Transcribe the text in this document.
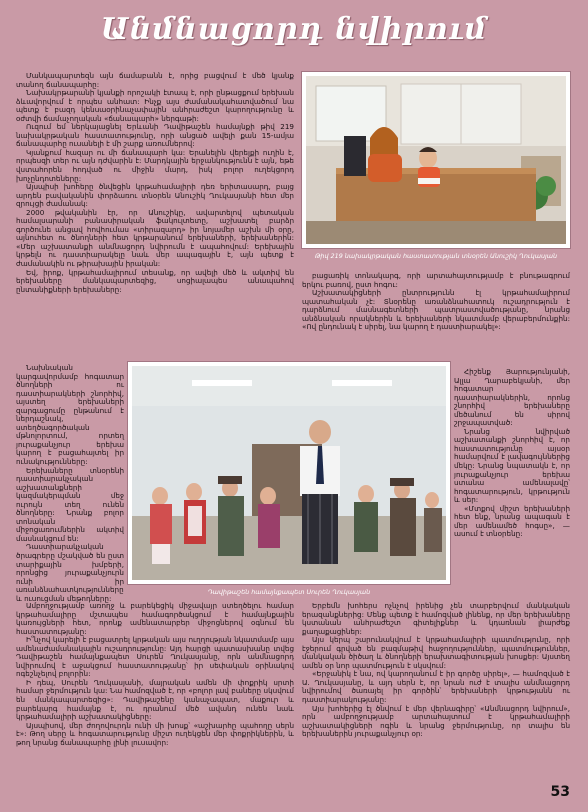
Անմնացորդ նվիրում

Մանկապարտեզն այն ճամաբանն է, որից բացվում է մեծ կյանք տանող ճանապարհը:

Նախակրթարանի կյանքի որոշակի էտապ է, որի ընթացքում երեխան ձևավորվում է որպես անհատ: Ինչք այս ժամանակահատվածում նա պետք է բազդ կենսաօրինաչափային անհրաժեշտ կարողությունը և օժտվի ճամաչողական «ճանապարհ» ներգաթի:

Ուզում եմ ներկայացնել Երևանի Դավիթաշեն համայնքի թիվ 219 նախակրթական հաստատությունը, որի անցած ավելի քան 15-ամյա ճանապարհը ուսանելի է մի շարք առումներով:

Կյանքում հազար ու մի ճանապարհ կա: Երանելին վերելքի ուղին է, որպեսզի տեր ու այն դժվարին է: Մարդկային երջանկությունն է այն, եթե վստահորեն հոդված ու միջին մարդ, իսկ բոլոր ուղեկցորդ խոչընդոտեները:

Այսպիսի խոհերը ծնվեցին կրթահամալիրի դեռ երիտասարդ, բայց արդեն բավականին փորձառու տնօրեն Անուշիկ Ղուկասյանի հետ մեր զրույցի ժամանակ:

2000 թվականին էր, որ Անուշիկը, ավարտելով պետական համալսարանի բանասիրական ֆակուլտետը, աշխատել բարձր գործունե անցավ հովհումաս «տիրազարդ» իր նոյամեր աշխն մի օրը, այնուհետ ու ծնողների հետ կրթարանում երեխաների, երեխաներին: «Մեր աշխատանքի անմնացորդ նվիրումն է ապահովում: Երեխային կրթելն ու դաստիարակելը նաև մեր ապագային է, այն պետք է ժամանակին ու թիրախային իրական:

Եվ, իրոք, կրթահամալիրում տեսանք, որ ավելի մեծ և ակտիվ են երեխաները մանկապարտեզից, սոցիալապես անապահով ընտանիքների երեխաները:

Թիվ 219 նախակրթական հաստատության տնօրեն Անուշիկ Ղուկասյան

բացառիկ տոնակարգ, որի արտահայտությամբ է բնութագրում երկու բառով, ըստ հոգու:

Աշխատակիցների ընտրությունն էլ կրթահամալիրում պատահական չէ: Տնօրենը առանձնահատուկ ուշադրություն է դարձնում մասնագետների պատրաստվածությանը, նրանց անձնական որակներին և երեխաների նկատմամբ վերաբերմունքին: «Ով ընդունակ է սիրել, նա կարող է դաստիարակել»:

Նախնական կարգավորմամբ հոգատար ծնողների ու դաստիարակների շնորհիվ, այստեղ երեխաների զարգացումը ընթանում է ներդաշնակ, ստեղծագործական մթնոլորտում, որտեղ յուրաքանչյուր երեխա կարող է բացահայտել իր ունակությունները:

Երեխաները տնօրենի դաստիարակչական աշխատանքների կազմակերպման մեջ ուրույն տեղ ունեն ծնողները: Նրանք բոլոր տոնական միջոցառումներին ակտիվ մասնակցում են:

Դաստիարակչական ծրագրերը մշակված են ըստ տարիքային խմբերի, որոնցից յուրաքանչյուրն ունի իր առանձնահատկությունները և ուսուցման մեթոդները:

Դավիթաշեն համայնքապետ Սուրեն Ղուկասյան

Հիշենք Յարությունյանի, Ալլա Ղարաբեկյանի, մեր հոգատար դաստիարակներին, որոնց շնորհիվ երեխաները մեծանում են սիրով շրջապատված:

Նրանց նվիրված աշխատանքի շնորհիվ է, որ հաստատությունը այսօր համարվում է լավագույններից մեկը: Նրանց նպատակն է, որ յուրաքանչյուր երեխա ստանա ամենալավը՝ հոգատարություն, կրթություն և սեր:

«Մտքով միշտ երեխաների հետ ենք, նրանց ապագան է մեր ամենամեծ հոգսը», — ասում է տնօրենը:

Ամբողջությամբ առողջ և բարեկեցիկ միջավայր ստեղծելու համար կրթահամալիրը մշտապես համագործակցում է համայնքային կառույցների հետ, որոնք ամենատարբեր միջոցներով օգնում են հաստատությանը:

Ի՞նչով կարելի է բացատրել կրթական այս ուղղության նկատմամբ այս ամենաժամանակային ուշադրությունը: Այդ հարցի պատասխանը տվեց Դավիթաշեն համայնքապետ Սուրեն Ղուկասյանը, որն անմնացորդ նվիրումով է աջակցում հաստատությանը՝ իր սեփական օրինակով ոգեշնչելով բոլորին:

Ի դեպ, Սուրեն Ղուկասյանի, մայրական ամեն մի փոքրիկ սրտի համար ջերմություն կա: Նա համոզված է, որ «բոլոր լավ բաները սկսվում են մանկապարտեզից»: Դավիթաշենը կանաչապատ, մաքուր և բարեկարգ համայնք է, ու դրանում մեծ ավանդ ունեն նաև կրթահամալիրի աշխատակիցները:

Այսպիսով, մեր ժողովուրդն ունի մի խոսք՝ «աշխարհը պահողը սերն է»: Թող սերը և հոգատարությունը միշտ ուղեկցեն մեր փոքրիկներին, և թող նրանց ճանապարհը լինի լուսավոր:

Երբեմն խոհերս ոչնչով իրենից չեն տարբերվում մանկական երազանքներից: Մենք պետք է համոզված լինենք, որ մեր երեխաները կստանան անհրաժեշտ գիտելիքներ և կդառնան լիարժեք քաղաքացիներ:

Այս կերպ շարունակվում է կրթահամալիրի պատմությունը, որի էջերում գրված են բազմաթիվ հաջողություններ, պատմություններ, մանկական ծիծաղ և ծնողների երախտագիտության խոսքեր: Այստեղ ամեն օր նոր պատմություն է սկսվում:

«Երջանիկ է նա, ով կարողանում է իր գործը սիրել», — համոզված է Ա. Ղուկասյանը, և այդ սերն է, որ նրան ուժ է տալիս անմնացորդ նվիրումով ծառայել իր գործին՝ երեխաների կրթությանն ու դաստիարակությանը:

Այս խոհերից էլ ծնվում է մեր վերնագիրը՝ «Անմնացորդ նվիրում», որն ամբողջությամբ արտահայտում է կրթահամալիրի աշխատակիցների ոգին և նրանց ջերմությունը, որ տալիս են երեխաներին յուրաքանչյուր օր:

53
